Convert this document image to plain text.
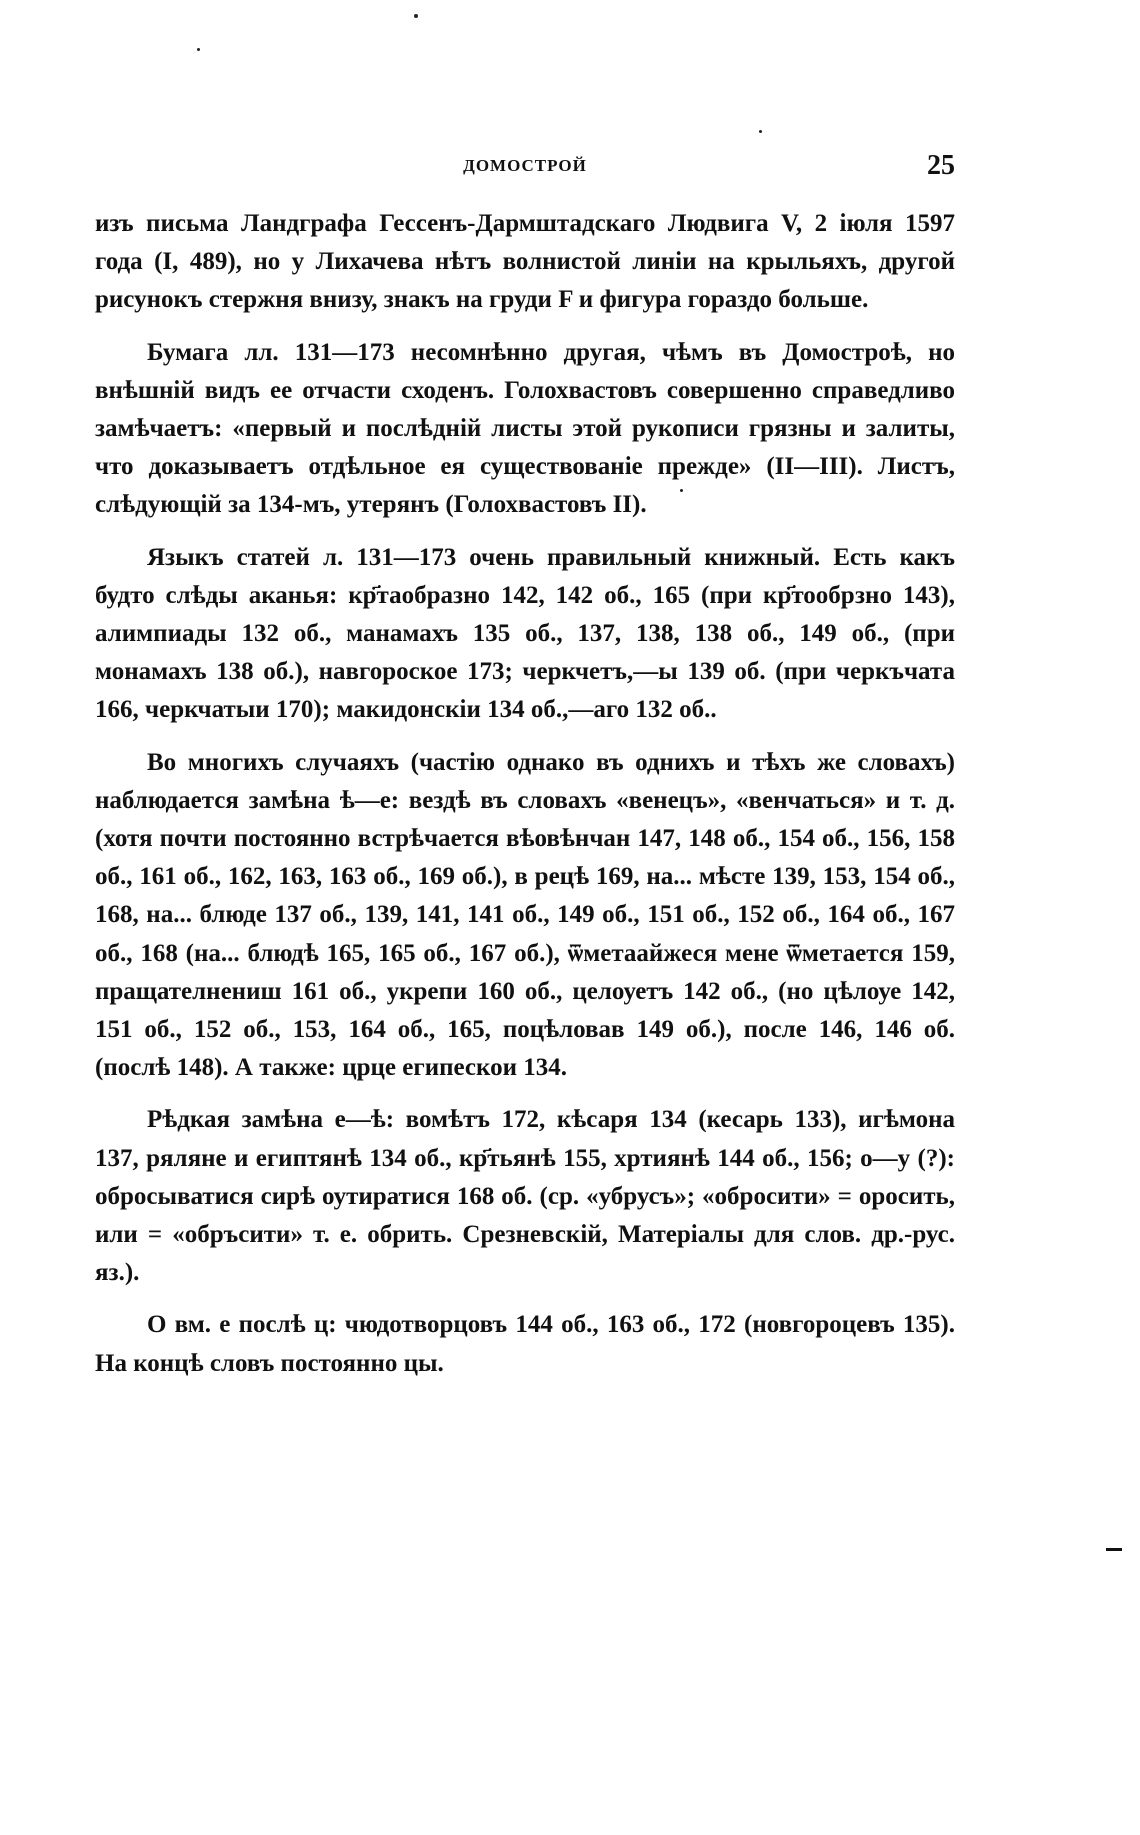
ДОМОСТРОЙ	25

изъ письма Ландграфа Гессенъ-Дармштадскаго Людвига V, 2 іюля 1597 года (I, 489), но у Лихачева нѣтъ волнистой линіи на крыльяхъ, другой рисунокъ стержня внизу, знакъ на груди F и фигура гораздо больше.

Бумага лл. 131—173 несомнѣнно другая, чѣмъ въ Домостроѣ, но внѣшній видъ ее отчасти сходенъ. Голохвастовъ совершенно справедливо замѣчаетъ: «первый и послѣдній листы этой рукописи грязны и залиты, что доказываетъ отдѣльное ея существованіе прежде» (II—III). Листъ, слѣдующій за 134-мъ, утерянъ (Голохвастовъ II).

Языкъ статей л. 131—173 очень правильный книжный. Есть какъ будто слѣды аканья: кр҃таобразно 142, 142 об., 165 (при кр҃тообрзно 143), алимпиады 132 об., манамахъ 135 об., 137, 138, 138 об., 149 об., (при монамахъ 138 об.), навгороское 173; черкчетъ,—ы 139 об. (при черкъчата 166, черкчатыи 170); макидонскіи 134 об.,—аго 132 об..

Во многихъ случаяхъ (частію однако въ однихъ и тѣхъ же словахъ) наблюдается замѣна ѣ—е: вездѣ въ словахъ «венецъ», «венчаться» и т. д. (хотя почти постоянно встрѣчается вѣовѣнчан 147, 148 об., 154 об., 156, 158 об., 161 об., 162, 163, 163 об., 169 об.), в рецѣ 169, на... мѣсте 139, 153, 154 об., 168, на... блюде 137 об., 139, 141, 141 об., 149 об., 151 об., 152 об., 164 об., 167 об., 168 (на... блюдѣ 165, 165 об., 167 об.), ѿметаайжеся мене ѿметается 159, пращателнениш 161 об., укрепи 160 об., целоуетъ 142 об., (но цѣлоуе 142, 151 об., 152 об., 153, 164 об., 165, поцѣловав 149 об.), после 146, 146 об. (послѣ 148). А также: црце египескои 134.

Рѣдкая замѣна е—ѣ: вомѣтъ 172, кѣсаря 134 (кесарь 133), игѣмона 137, ряляне и египтянѣ 134 об., кр҃тьянѣ 155, хртиянѣ 144 об., 156; о—у (?): обросыватися сирѣ оутиратися 168 об. (ср. «убрусъ»; «обросити» = оросить, или = «обръсити» т. е. обрить. Срезневскій, Матеріалы для слов. др.-рус. яз.).

О вм. е послѣ ц: чюдотворцовъ 144 об., 163 об., 172 (новгороцевъ 135). На концѣ словъ постоянно цы.
